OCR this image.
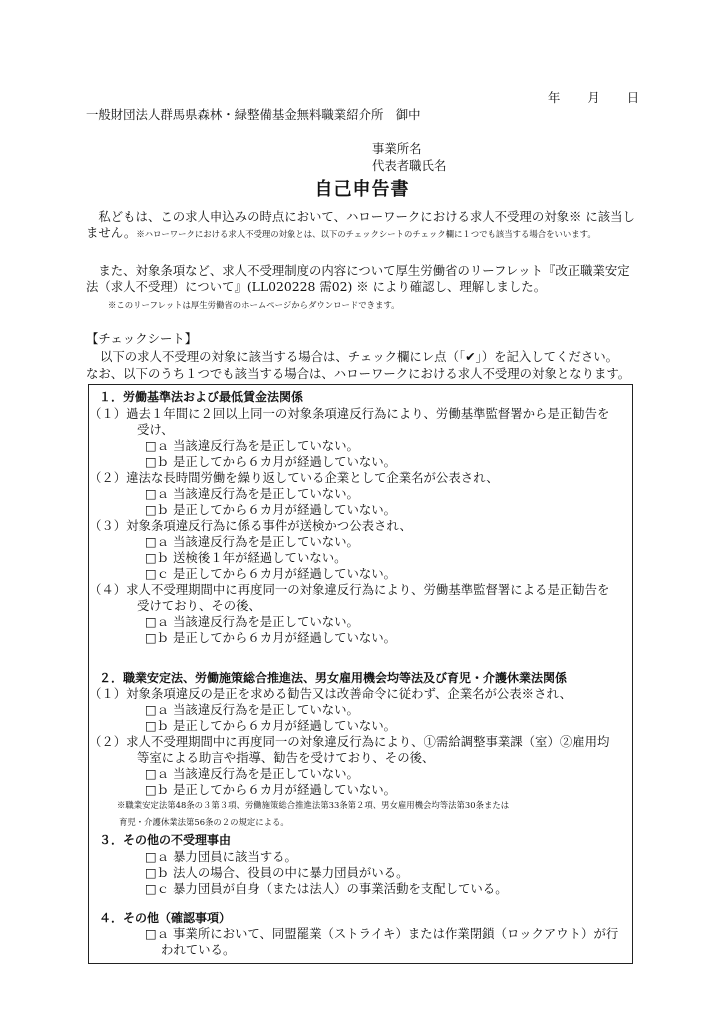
年 月 日
一般財団法人群馬県森林・緑整備基金無料職業紹介所　御中
事業所名
代表者職氏名
自己申告書
　私どもは、この求人申込みの時点において、ハローワークにおける求人不受理の対象※ に該当しません。※ハローワークにおける求人不受理の対象とは、以下のチェックシートのチェック欄に１つでも該当する場合をいいます。
　また、対象条項など、求人不受理制度の内容について厚生労働省のリーフレット『改正職業安定法（求人不受理）について』(LL020228 需02) ※ により確認し、理解しました。
※このリーフレットは厚生労働省のホームページからダウンロードできます。
【チェックシート】
以下の求人不受理の対象に該当する場合は、チェック欄にレ点（「✔」）を記入してください。
なお、以下のうち１つでも該当する場合は、ハローワークにおける求人不受理の対象となります。
１．労働基準法および最低賃金法関係
（１）過去１年間に２回以上同一の対象条項違反行為により、労働基準監督署から是正勧告を
受け、
□ａ 当該違反行為を是正していない。
□ｂ 是正してから６カ月が経過していない。
（２）違法な長時間労働を繰り返している企業として企業名が公表され、
□ａ 当該違反行為を是正していない。
□ｂ 是正してから６カ月が経過していない。
（３）対象条項違反行為に係る事件が送検かつ公表され、
□ａ 当該違反行為を是正していない。
□ｂ 送検後１年が経過していない。
□ｃ 是正してから６カ月が経過していない。
（４）求人不受理期間中に再度同一の対象違反行為により、労働基準監督署による是正勧告を
受けており、その後、
□ａ 当該違反行為を是正していない。
□ｂ 是正してから６カ月が経過していない。
２．職業安定法、労働施策総合推進法、男女雇用機会均等法及び育児・介護休業法関係
（１）対象条項違反の是正を求める勧告又は改善命令に従わず、企業名が公表※され、
□ａ 当該違反行為を是正していない。
□ｂ 是正してから６カ月が経過していない。
（２）求人不受理期間中に再度同一の対象違反行為により、①需給調整事業課（室）②雇用均
等室による助言や指導、勧告を受けており、その後、
□ａ 当該違反行為を是正していない。
□ｂ 是正してから６カ月が経過していない。
※職業安定法第48条の３第３項、労働施策総合推進法第33条第２項、男女雇用機会均等法第30条または
育児・介護休業法第56条の２の規定による。
３．その他の不受理事由
□ａ 暴力団員に該当する。
□ｂ 法人の場合、役員の中に暴力団員がいる。
□ｃ 暴力団員が自身（または法人）の事業活動を支配している。
４．その他（確認事項）
□ａ 事業所において、同盟罷業（ストライキ）または作業閉鎖（ロックアウト）が行
われている。
